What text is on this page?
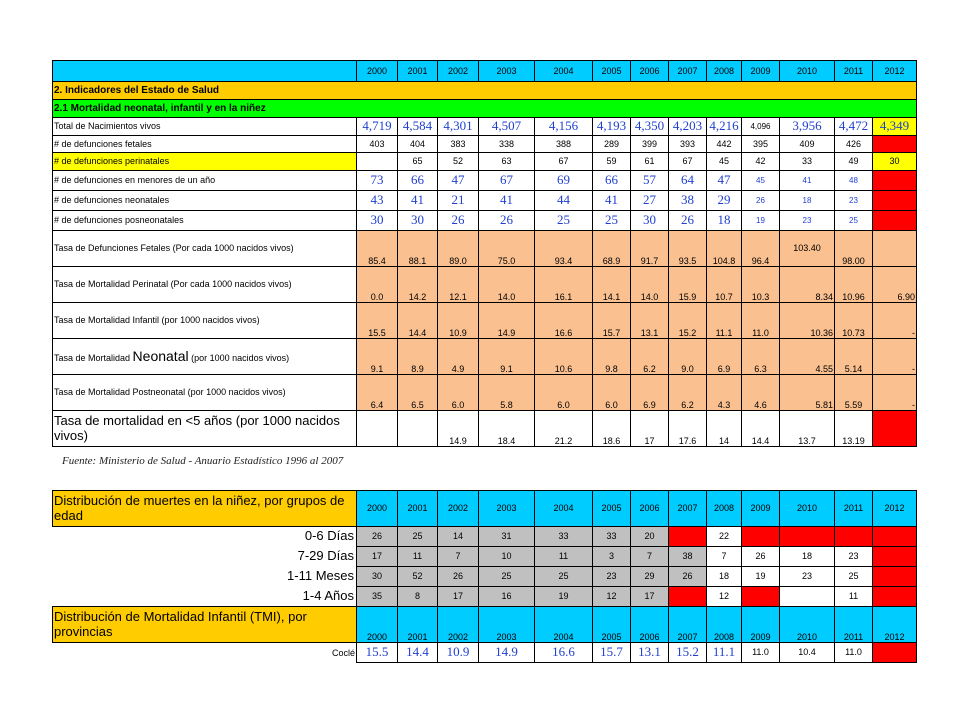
	2000	2001	2002	2003	2004	2005	2006	2007	2008	2009	2010	2011	2012
2. Indicadores del Estado de Salud													
2.1 Mortalidad neonatal, infantil y en la niñez													
Total de Nacimientos vivos	4,719	4,584	4,301	4,507	4,156	4,193	4,350	4,203	4,216	4,096	3,956	4,472	4,349
# de defunciones fetales	403	404	383	338	388	289	399	393	442	395	409	426	
# de defunciones perinatales		65	52	63	67	59	61	67	45	42	33	49	30
# de defunciones en menores de un año	73	66	47	67	69	66	57	64	47	45	41	48	
# de defunciones neonatales	43	41	21	41	44	41	27	38	29	26	18	23	
# de defunciones posneonatales	30	30	26	26	25	25	30	26	18	19	23	25	
Tasa de Defunciones Fetales (Por cada 1000 nacidos vivos)	85.4	88.1	89.0	75.0	93.4	68.9	91.7	93.5	104.8	96.4	103.40	98.00	
Tasa de Mortalidad Perinatal (Por cada 1000 nacidos vivos)	0.0	14.2	12.1	14.0	16.1	14.1	14.0	15.9	10.7	10.3	8.34	10.96	6.90
Tasa de Mortalidad Infantil (por 1000 nacidos vivos)	15.5	14.4	10.9	14.9	16.6	15.7	13.1	15.2	11.1	11.0	10.36	10.73	-
Tasa de Mortalidad Neonatal (por 1000 nacidos vivos)	9.1	8.9	4.9	9.1	10.6	9.8	6.2	9.0	6.9	6.3	4.55	5.14	-
Tasa de Mortalidad Postneonatal (por 1000 nacidos vivos)	6.4	6.5	6.0	5.8	6.0	6.0	6.9	6.2	4.3	4.6	5.81	5.59	-
Tasa de mortalidad en <5 años (por 1000 nacidos vivos)			14.9	18.4	21.2	18.6	17	17.6	14	14.4	13.7	13.19	
Fuente: Ministerio de Salud - Anuario Estadístico 1996 al 2007
Distribución de muertes en la niñez, por grupos de edad	2000	2001	2002	2003	2004	2005	2006	2007	2008	2009	2010	2011	2012
0-6 Días	26	25	14	31	33	33	20		22				
7-29 Días	17	11	7	10	11	3	7	38	7	26	18	23	
1-11 Meses	30	52	26	25	25	23	29	26	18	19	23	25	
1-4 Años	35	8	17	16	19	12	17		12			11	
Distribución de Mortalidad Infantil (TMI), por provincias	2000	2001	2002	2003	2004	2005	2006	2007	2008	2009	2010	2011	2012
Coclé	15.5	14.4	10.9	14.9	16.6	15.7	13.1	15.2	11.1	11.0	10.4	11.0	
